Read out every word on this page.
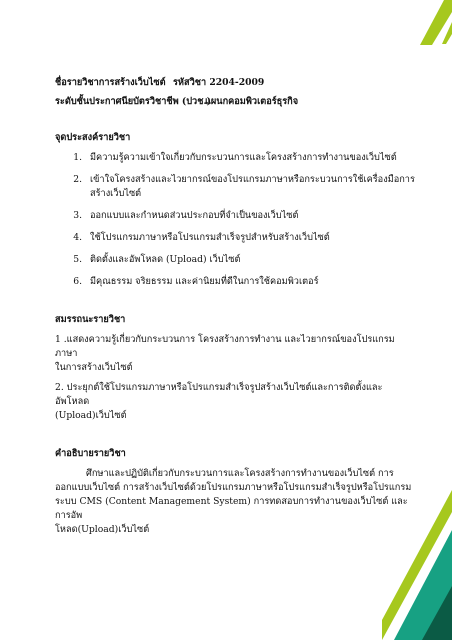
ชื่อรายวิชาการสร้างเว็บไซต์ รหัสวิชา 2204-2009
ระดับชั้นประกาศนียบัตรวิชาชีพ (ปวช.)
แผนกคอมพิวเตอร์ธุรกิจ
จุดประสงค์รายวิชา
1. มีความรู้ความเข้าใจเกี่ยวกับกระบวนการและโครงสร้างการทำงานของเว็บไซต์
2. เข้าใจโครงสร้างและไวยากรณ์ของโปรแกรมภาษาหรือกระบวนการใช้เครื่องมือการ
สร้างเว็บไซต์
3. ออกแบบและกำหนดส่วนประกอบที่จำเป็นของเว็บไซต์
4. ใช้โปรแกรมภาษาหรือโปรแกรมสำเร็จรูปสำหรับสร้างเว็บไซต์
5. ติดตั้งและอัพโหลด (Upload) เว็บไซต์
6. มีคุณธรรม จริยธรรม และค่านิยมที่ดีในการใช้คอมพิวเตอร์
สมรรถนะรายวิชา

1 .แสดงความรู้เกี่ยวกับกระบวนการ โครงสร้างการทำงาน และไวยากรณ์ของโปรแกรมภาษา
ในการสร้างเว็บไซต์

2. ประยุกต์ใช้โปรแกรมภาษาหรือโปรแกรมสำเร็จรูปสร้างเว็บไซต์และการติดตั้งและอัพโหลด
(Upload)เว็บไซต์

คำอธิบายรายวิชา

ศึกษาและปฏิบัติเกี่ยวกับกระบวนการและโครงสร้างการทำงานของเว็บไซต์ การ
ออกแบบเว็บไซต์ การสร้างเว็บไซต์ด้วยโปรแกรมภาษาหรือโปรแกรมสำเร็จรูปหรือโปรแกรม
ระบบ CMS (Content Management System) การทดสอบการทำงานของเว็บไซต์ และการอัพ
โหลด(Upload)เว็บไซต์
